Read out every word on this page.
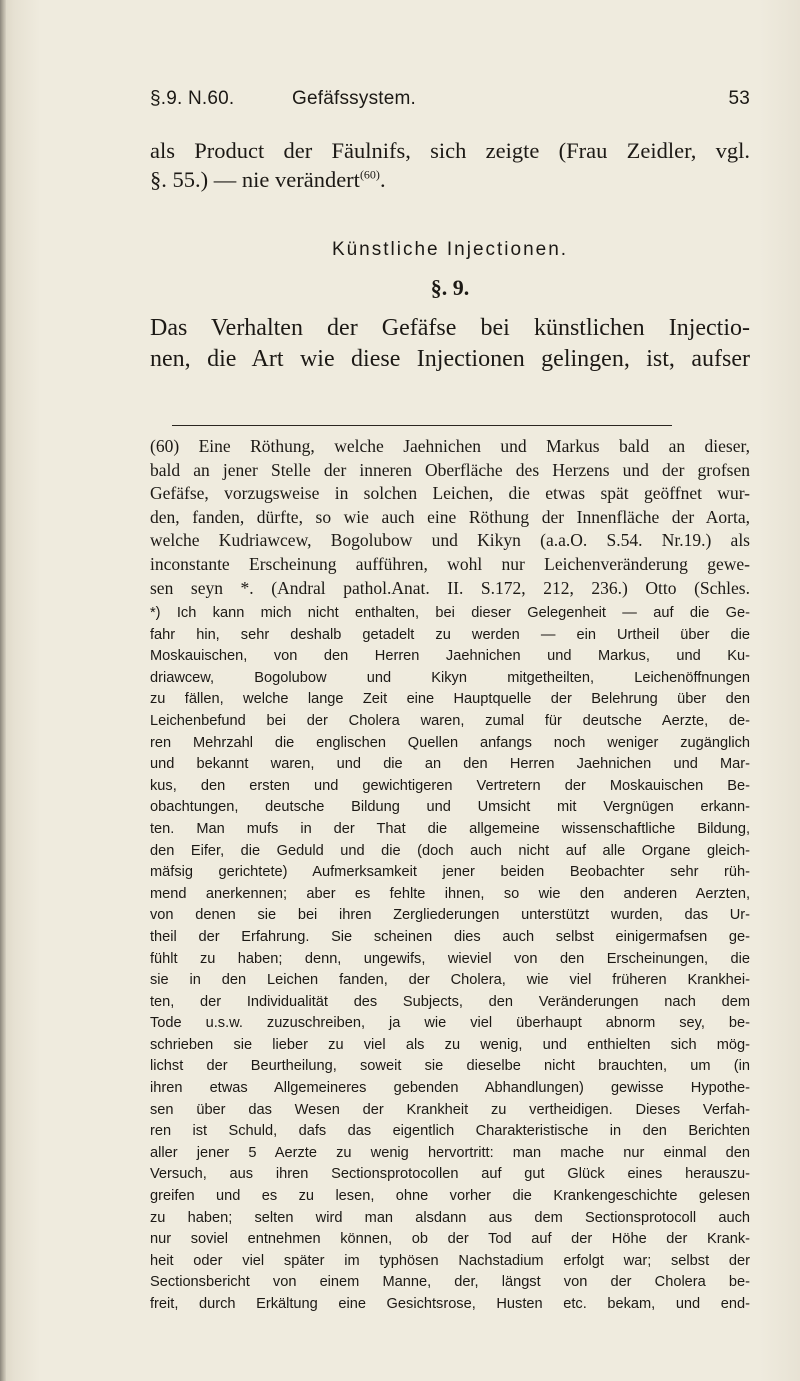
§.9. N.60.	Gefäfssystem.	53
als Product der Fäulnifs, sich zeigte (Frau Zeidler, vgl.
§. 55.) — nie verändert$^{(60)}$.
Künstliche Injectionen.
§. 9.
Das Verhalten der Gefäfse bei künstlichen Injectio-
nen, die Art wie diese Injectionen gelingen, ist, aufser
(60) Eine Röthung, welche Jaehnichen und Markus bald an dieser,
bald an jener Stelle der inneren Oberfläche des Herzens und der grofsen
Gefäfse, vorzugsweise in solchen Leichen, die etwas spät geöffnet wur-
den, fanden, dürfte, so wie auch eine Röthung der Innenfläche der Aorta,
welche Kudriawcew, Bogolubow und Kikyn (a.a.O. S.54. Nr.19.) als
inconstante Erscheinung aufführen, wohl nur Leichenveränderung gewe-
sen seyn *. (Andral pathol.Anat. II. S.172, 212, 236.) Otto (Schles.
*) Ich kann mich nicht enthalten, bei dieser Gelegenheit — auf die Ge-
fahr hin, sehr deshalb getadelt zu werden — ein Urtheil über die
Moskauischen, von den Herren Jaehnichen und Markus, und Ku-
driawcew, Bogolubow und Kikyn mitgetheilten, Leichenöffnungen
zu fällen, welche lange Zeit eine Hauptquelle der Belehrung über den
Leichenbefund bei der Cholera waren, zumal für deutsche Aerzte, de-
ren Mehrzahl die englischen Quellen anfangs noch weniger zugänglich
und bekannt waren, und die an den Herren Jaehnichen und Mar-
kus, den ersten und gewichtigeren Vertretern der Moskauischen Be-
obachtungen, deutsche Bildung und Umsicht mit Vergnügen erkann-
ten. Man mufs in der That die allgemeine wissenschaftliche Bildung,
den Eifer, die Geduld und die (doch auch nicht auf alle Organe gleich-
mäfsig gerichtete) Aufmerksamkeit jener beiden Beobachter sehr rüh-
mend anerkennen; aber es fehlte ihnen, so wie den anderen Aerzten,
von denen sie bei ihren Zergliederungen unterstützt wurden, das Ur-
theil der Erfahrung. Sie scheinen dies auch selbst einigermafsen ge-
fühlt zu haben; denn, ungewifs, wieviel von den Erscheinungen, die
sie in den Leichen fanden, der Cholera, wie viel früheren Krankhei-
ten, der Individualität des Subjects, den Veränderungen nach dem
Tode u.s.w. zuzuschreiben, ja wie viel überhaupt abnorm sey, be-
schrieben sie lieber zu viel als zu wenig, und enthielten sich mög-
lichst der Beurtheilung, soweit sie dieselbe nicht brauchten, um (in
ihren etwas Allgemeineres gebenden Abhandlungen) gewisse Hypothe-
sen über das Wesen der Krankheit zu vertheidigen. Dieses Verfah-
ren ist Schuld, dafs das eigentlich Charakteristische in den Berichten
aller jener 5 Aerzte zu wenig hervortritt: man mache nur einmal den
Versuch, aus ihren Sectionsprotocollen auf gut Glück eines herauszu-
greifen und es zu lesen, ohne vorher die Krankengeschichte gelesen
zu haben; selten wird man alsdann aus dem Sectionsprotocoll auch
nur soviel entnehmen können, ob der Tod auf der Höhe der Krank-
heit oder viel später im typhösen Nachstadium erfolgt war; selbst der
Sectionsbericht von einem Manne, der, längst von der Cholera be-
freit, durch Erkältung eine Gesichtsrose, Husten etc. bekam, und end-
